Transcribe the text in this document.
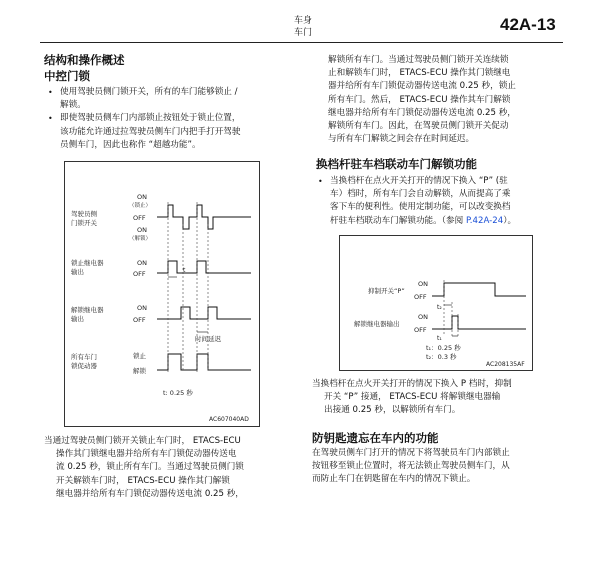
车身
车门	42A-13
结构和操作概述
中控门锁
• 使用驾驶员侧门锁开关，所有的车门能够锁止 /
解锁。
• 即使驾驶员侧车门内部锁止按钮处于锁止位置，
该功能允许通过拉驾驶员侧车门内把手打开驾驶
员侧车门，因此也称作 “超越功能”。
驾驶员侧
门锁开关
锁止继电器
输出
解锁继电器
输出
所有车门
锁促动器
ON
（锁止）
OFF
ON
（解锁）
ON
OFF
ON
OFF
锁止
解锁
t
时间延迟
t: 0.25 秒
AC607040AD
当通过驾驶员侧门锁开关锁止车门时， ETACS-ECU
操作其门锁继电器并给所有车门锁促动器传送电
流 0.25 秒，锁止所有车门。当通过驾驶员侧门锁
开关解锁车门时， ETACS-ECU 操作其门解锁
继电器并给所有车门锁促动器传送电流 0.25 秒，
解锁所有车门。当通过驾驶员侧门锁开关连续锁
止和解锁车门时， ETACS-ECU 操作其门锁继电
器并给所有车门锁促动器传送电流 0.25 秒，锁止
所有车门。然后， ETACS-ECU 操作其车门解锁
继电器并给所有车门锁促动器传送电流 0.25 秒，
解锁所有车门。因此，在驾驶员侧门锁开关促动
与所有车门解锁之间会存在时间延迟。
换档杆驻车档联动车门解锁功能
• 当换档杆在点火开关打开的情况下换入 “P” (驻
车）档时，所有车门会自动解锁，从而提高了乘
客下车的便利性。使用定制功能，可以改变换档
杆驻车档联动车门解锁功能。（参阅 P.42A-24）。
抑制开关“P”
解锁继电器输出
ON
OFF
ON
OFF
t₂
t₁
t₁：0.25 秒
t₂：0.3 秒
AC208135AF
当换档杆在点火开关打开的情况下换入 P 档时，抑制
开关 “P” 接通， ETACS-ECU 将解锁继电器输
出接通 0.25 秒，以解锁所有车门。
防钥匙遗忘在车内的功能
在驾驶员侧车门打开的情况下将驾驶员车门内部锁止
按钮移至锁止位置时，将无法锁止驾驶员侧车门，从
而防止车门在钥匙留在车内的情况下锁止。
